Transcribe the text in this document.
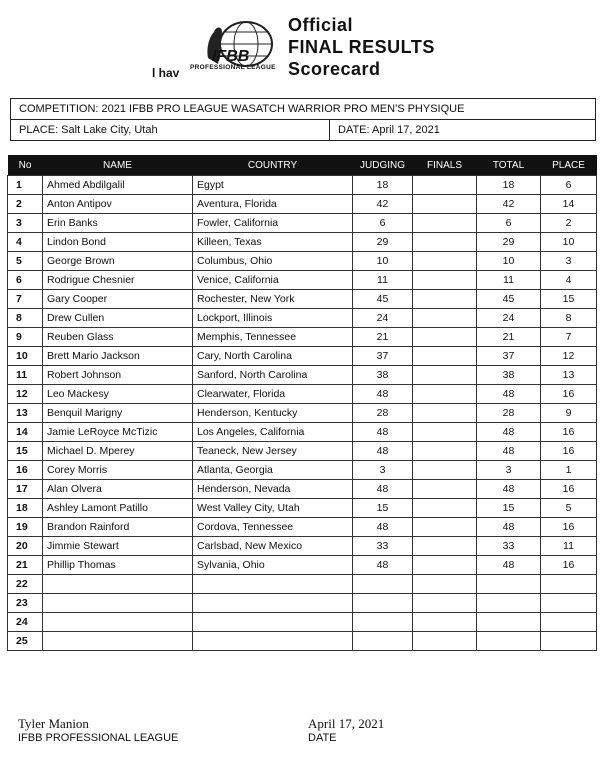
l hav
IFBB
PROFESSIONAL LEAGUE
Official
FINAL RESULTS
Scorecard
COMPETITION: 2021 IFBB PRO LEAGUE WASATCH WARRIOR PRO MEN'S PHYSIQUE
PLACE: Salt Lake City, Utah	DATE: April 17, 2021
No	NAME	COUNTRY	JUDGING	FINALS	TOTAL	PLACE
1	Ahmed Abdilgalil	Egypt	18		18	6
2	Anton Antipov	Aventura, Florida	42		42	14
3	Erin Banks	Fowler, California	6		6	2
4	Lindon Bond	Killeen, Texas	29		29	10
5	George Brown	Columbus, Ohio	10		10	3
6	Rodrigue Chesnier	Venice, California	11		11	4
7	Gary Cooper	Rochester, New York	45		45	15
8	Drew Cullen	Lockport, Illinois	24		24	8
9	Reuben Glass	Memphis, Tennessee	21		21	7
10	Brett Mario Jackson	Cary, North Carolina	37		37	12
11	Robert Johnson	Sanford, North Carolina	38		38	13
12	Leo Mackesy	Clearwater, Florida	48		48	16
13	Benquil Marigny	Henderson, Kentucky	28		28	9
14	Jamie LeRoyce McTizic	Los Angeles, California	48		48	16
15	Michael D. Mperey	Teaneck, New Jersey	48		48	16
16	Corey Morris	Atlanta, Georgia	3		3	1
17	Alan Olvera	Henderson, Nevada	48		48	16
18	Ashley Lamont Patillo	West Valley City, Utah	15		15	5
19	Brandon Rainford	Cordova, Tennessee	48		48	16
20	Jimmie Stewart	Carlsbad, New Mexico	33		33	11
21	Phillip Thomas	Sylvania, Ohio	48		48	16
22						
23						
24						
25						
Tyler Manion
IFBB PROFESSIONAL LEAGUE
April 17, 2021
DATE
